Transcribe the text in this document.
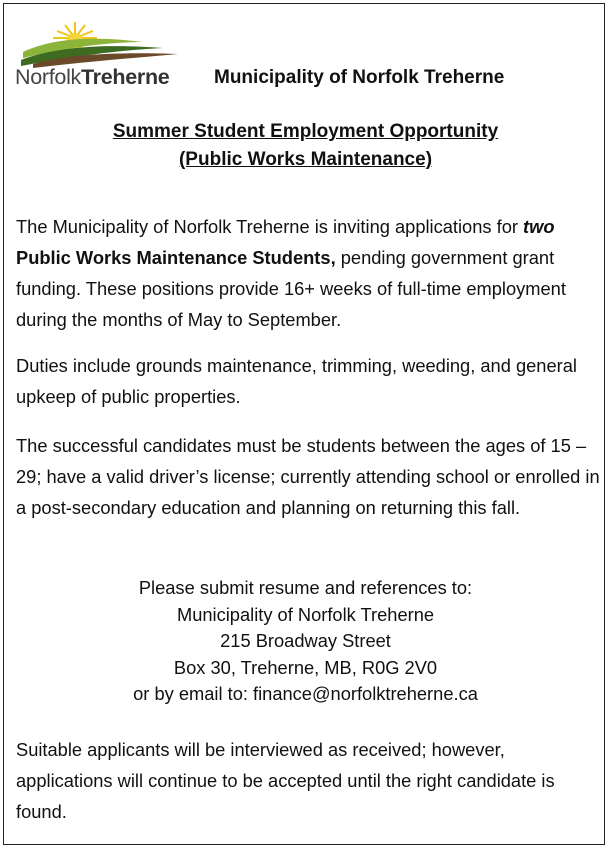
NorfolkTreherne Municipality of Norfolk Treherne
Summer Student Employment Opportunity
(Public Works Maintenance)

The Municipality of Norfolk Treherne is inviting applications for two Public Works Maintenance Students, pending government grant funding. These positions provide 16+ weeks of full-time employment during the months of May to September.

Duties include grounds maintenance, trimming, weeding, and general upkeep of public properties.

The successful candidates must be students between the ages of 15 – 29; have a valid driver’s license; currently attending school or enrolled in a post-secondary education and planning on returning this fall.

Please submit resume and references to:
Municipality of Norfolk Treherne
215 Broadway Street
Box 30, Treherne, MB, R0G 2V0
or by email to: finance@norfolktreherne.ca

Suitable applicants will be interviewed as received; however, applications will continue to be accepted until the right candidate is found.
